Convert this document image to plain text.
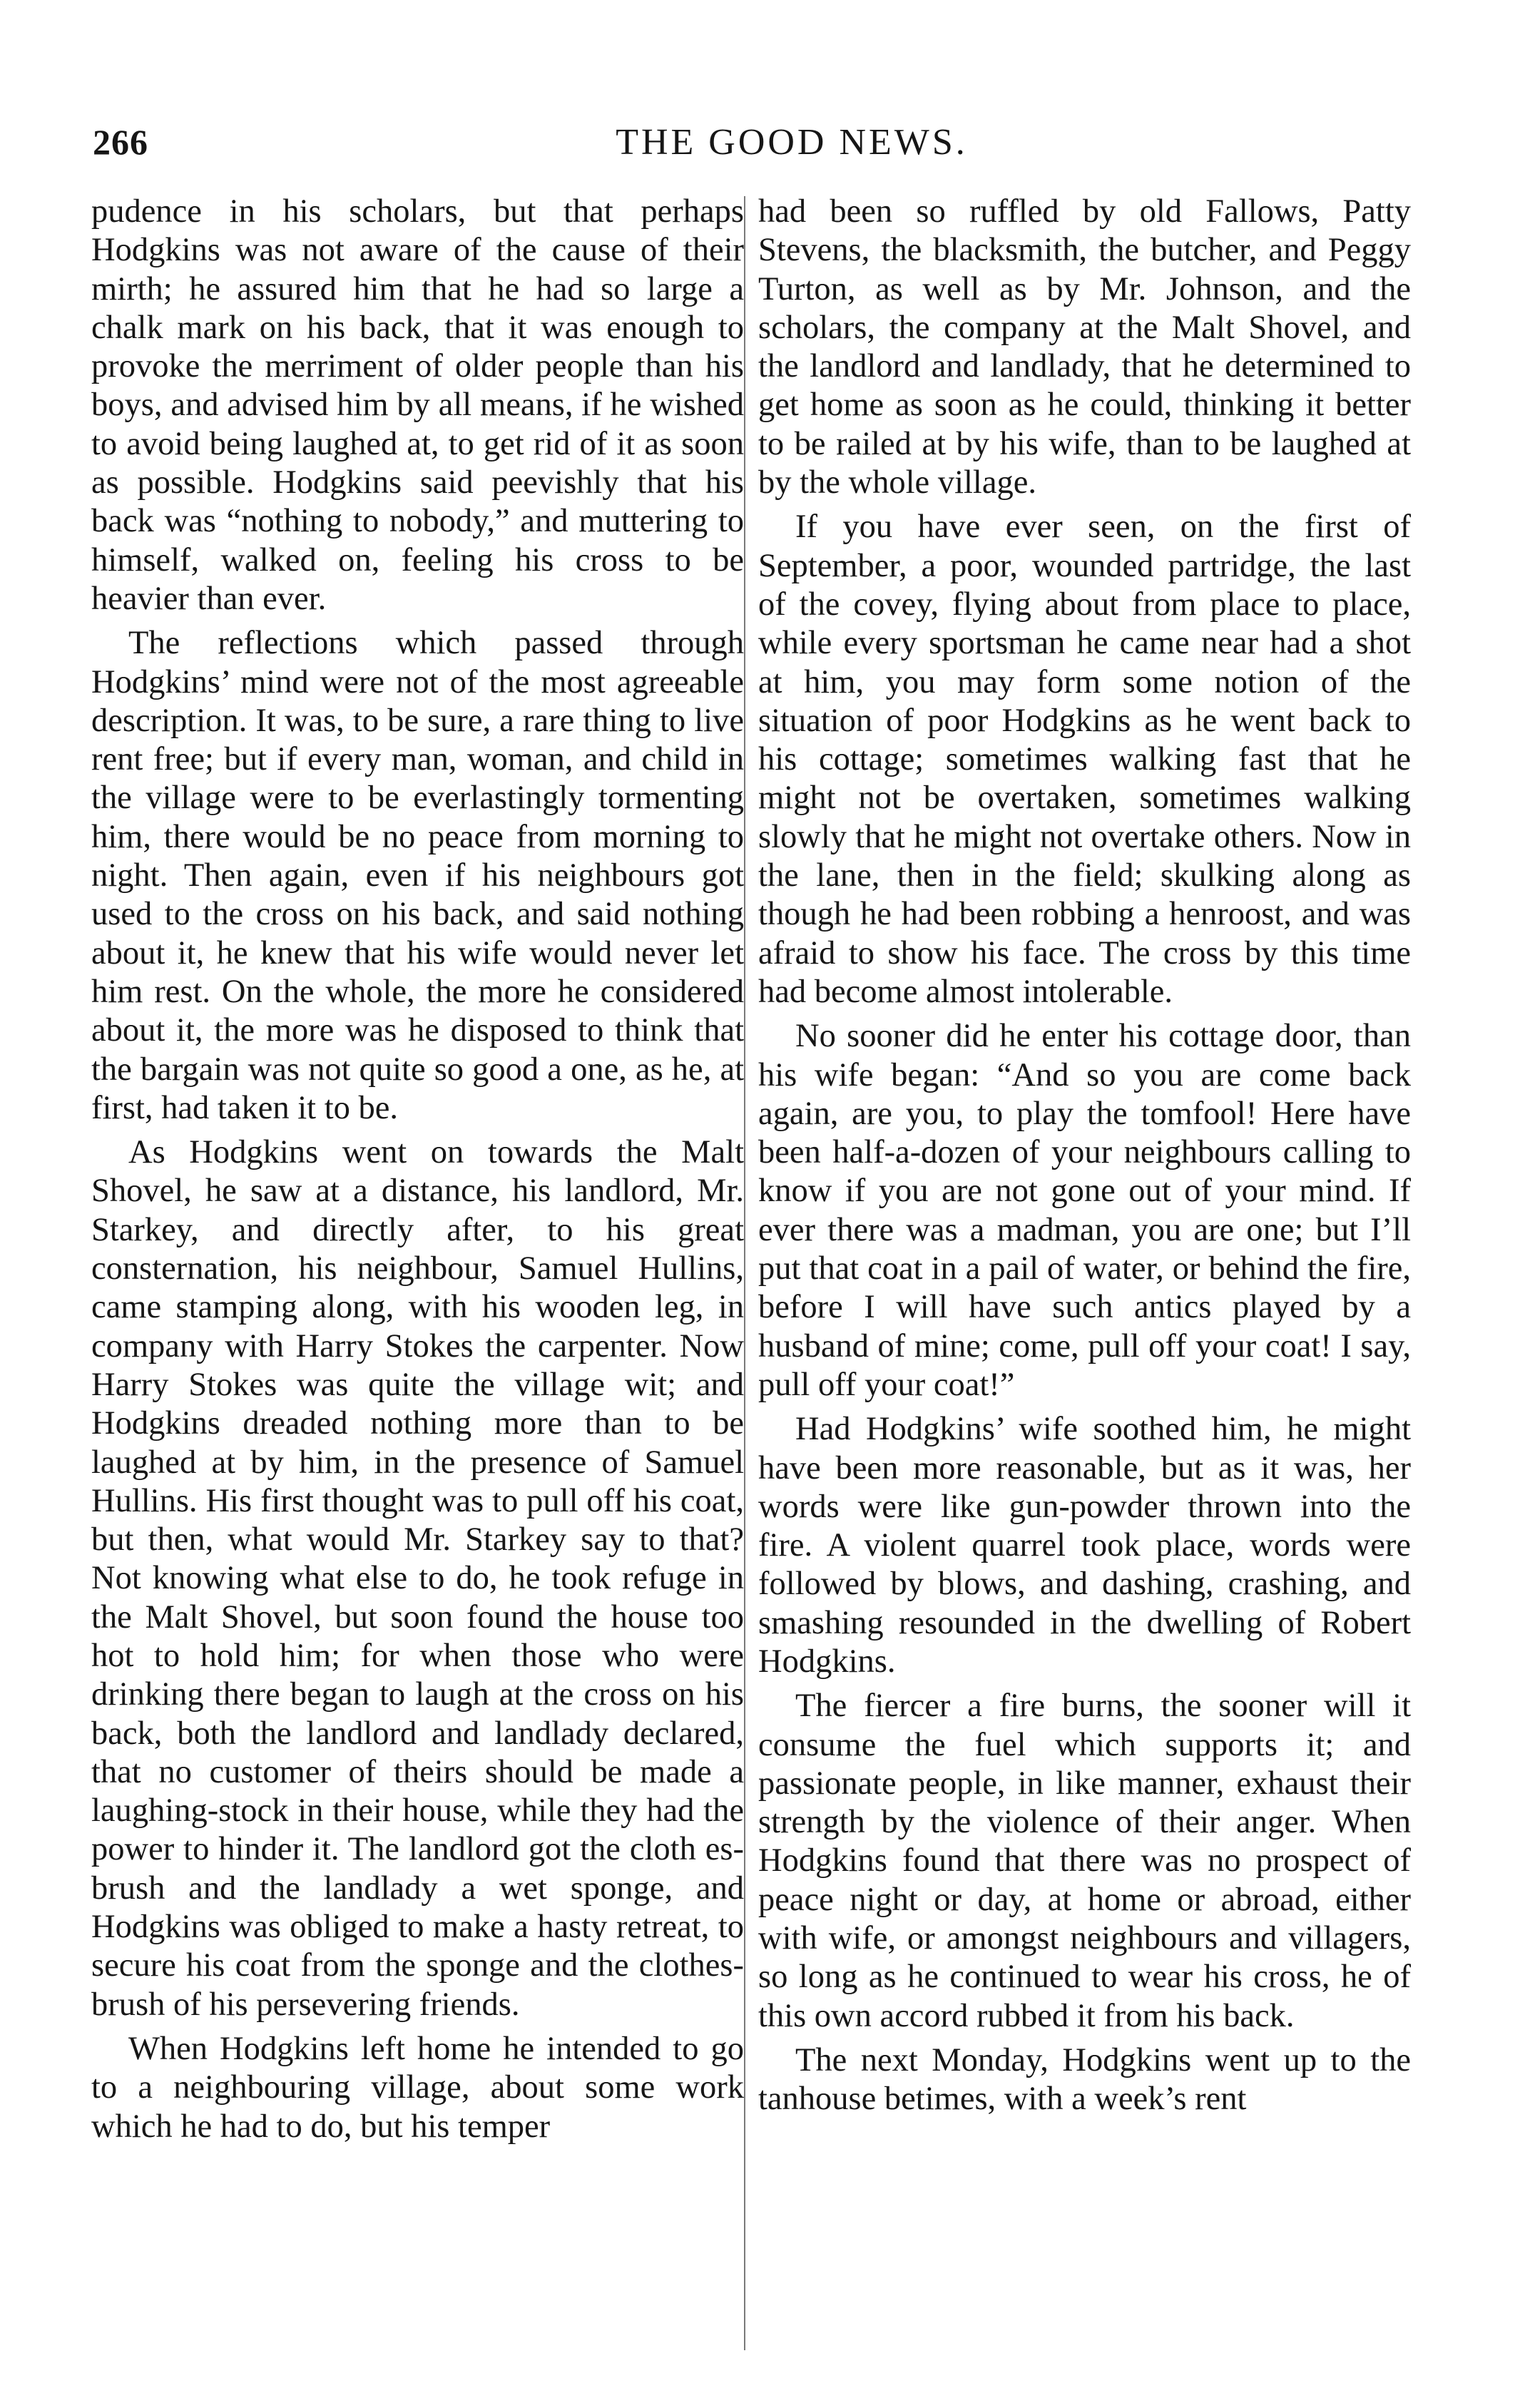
266	THE GOOD NEWS.

pudence in his scholars, but that perhaps Hodgkins was not aware of the cause of their mirth; he assured him that he had so large a chalk mark on his back, that it was enough to provoke the merriment of older people than his boys, and advised him by all means, if he wished to avoid being laughed at, to get rid of it as soon as possible. Hodgkins said peevishly that his back was “nothing to nobody,” and muttering to himself, walked on, feeling his cross to be heavier than ever.

The reflections which passed through Hodgkins’ mind were not of the most agreeable description. It was, to be sure, a rare thing to live rent free; but if every man, woman, and child in the village were to be everlastingly tormenting him, there would be no peace from morning to night. Then again, even if his neighbours got used to the cross on his back, and said nothing about it, he knew that his wife would never let him rest. On the whole, the more he considered about it, the more was he disposed to think that the bargain was not quite so good a one, as he, at first, had taken it to be.

As Hodgkins went on towards the Malt Shovel, he saw at a distance, his landlord, Mr. Starkey, and directly after, to his great consternation, his neighbour, Samuel Hullins, came stamping along, with his wooden leg, in company with Harry Stokes the carpenter. Now Harry Stokes was quite the village wit; and Hodgkins dreaded nothing more than to be laughed at by him, in the presence of Samuel Hullins. His first thought was to pull off his coat, but then, what would Mr. Starkey say to that? Not knowing what else to do, he took refuge in the Malt Shovel, but soon found the house too hot to hold him; for when those who were drinking there began to laugh at the cross on his back, both the landlord and landlady declared, that no customer of theirs should be made a laughing-stock in their house, while they had the power to hinder it. The landlord got the cloth es-brush and the landlady a wet sponge, and Hodgkins was obliged to make a hasty retreat, to secure his coat from the sponge and the clothes-brush of his persevering friends.

When Hodgkins left home he intended to go to a neighbouring village, about some work which he had to do, but his temper

had been so ruffled by old Fallows, Patty Stevens, the blacksmith, the butcher, and Peggy Turton, as well as by Mr. Johnson, and the scholars, the company at the Malt Shovel, and the landlord and landlady, that he determined to get home as soon as he could, thinking it better to be railed at by his wife, than to be laughed at by the whole village.

If you have ever seen, on the first of September, a poor, wounded partridge, the last of the covey, flying about from place to place, while every sportsman he came near had a shot at him, you may form some notion of the situation of poor Hodgkins as he went back to his cottage; sometimes walking fast that he might not be overtaken, sometimes walking slowly that he might not overtake others. Now in the lane, then in the field; skulking along as though he had been robbing a henroost, and was afraid to show his face. The cross by this time had become almost intolerable.

No sooner did he enter his cottage door, than his wife began: “And so you are come back again, are you, to play the tomfool! Here have been half-a-dozen of your neighbours calling to know if you are not gone out of your mind. If ever there was a madman, you are one; but I’ll put that coat in a pail of water, or behind the fire, before I will have such antics played by a husband of mine; come, pull off your coat! I say, pull off your coat!”

Had Hodgkins’ wife soothed him, he might have been more reasonable, but as it was, her words were like gun-powder thrown into the fire. A violent quarrel took place, words were followed by blows, and dashing, crashing, and smashing resounded in the dwelling of Robert Hodgkins.

The fiercer a fire burns, the sooner will it consume the fuel which supports it; and passionate people, in like manner, exhaust their strength by the violence of their anger. When Hodgkins found that there was no prospect of peace night or day, at home or abroad, either with wife, or amongst neighbours and villagers, so long as he continued to wear his cross, he of this own accord rubbed it from his back.

The next Monday, Hodgkins went up to the tanhouse betimes, with a week’s rent
